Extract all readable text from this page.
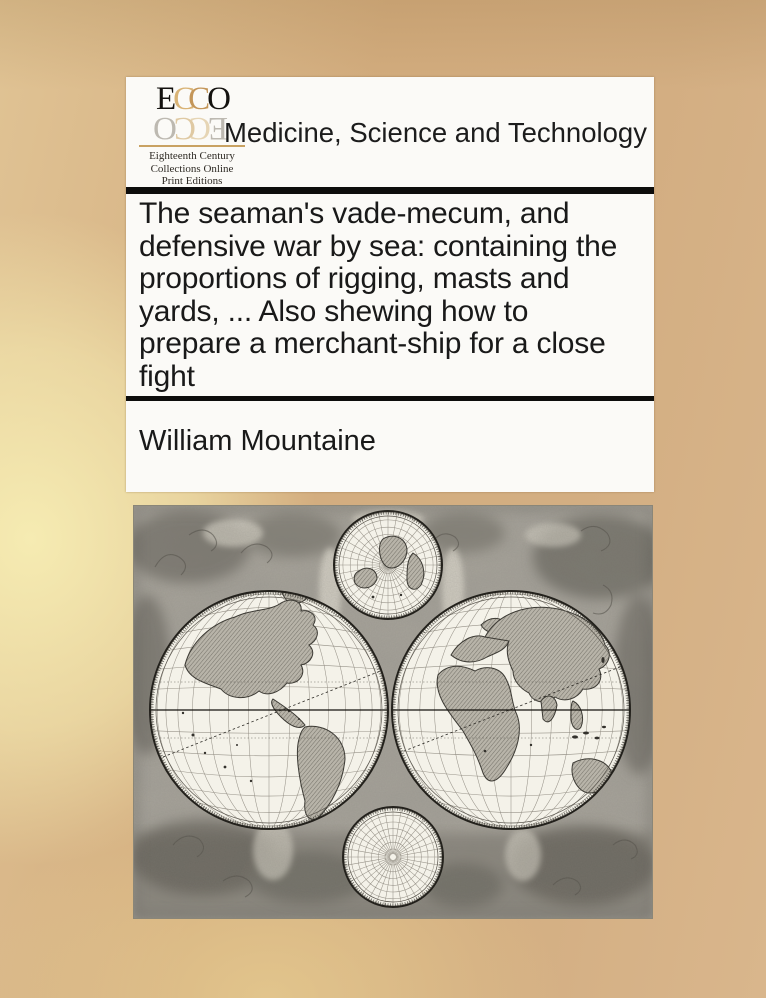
ECCO
ECCO
Eighteenth Century
Collections Online
Print Editions
Medicine, Science and Technology
The seaman's vade-mecum, and
defensive war by sea: containing the
proportions of rigging, masts and
yards, ... Also shewing how to
prepare a merchant-ship for a close
fight
William Mountaine
